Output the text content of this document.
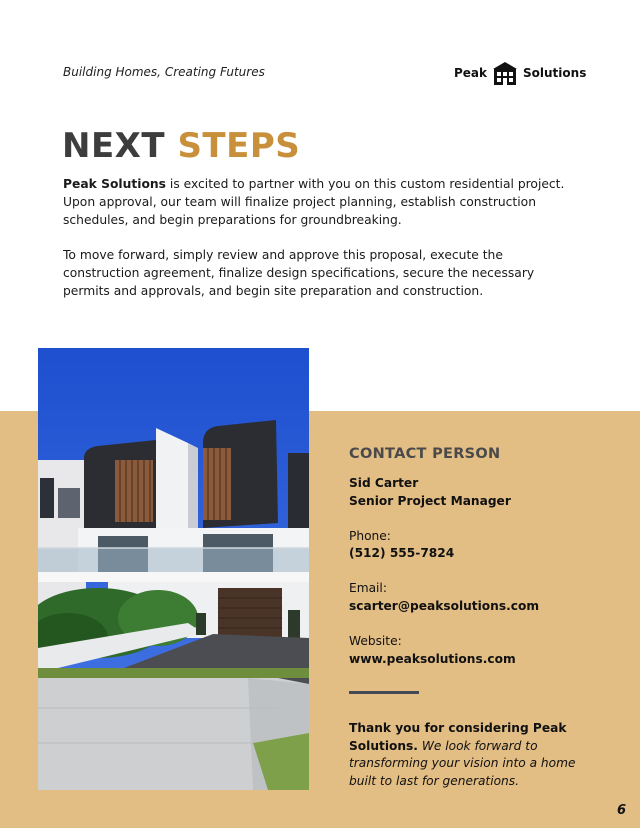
Building Homes, Creating Futures	Peak	Solutions
NEXT STEPS

Peak Solutions is excited to partner with you on this custom residential project. Upon approval, our team will finalize project planning, establish construction schedules, and begin preparations for groundbreaking.

To move forward, simply review and approve this proposal, execute the construction agreement, finalize design specifications, secure the necessary permits and approvals, and begin site preparation and construction.

CONTACT PERSON
Sid Carter
Senior Project Manager
Phone:
(512) 555-7824
Email:
scarter@peaksolutions.com
Website:
www.peaksolutions.com
Thank you for considering Peak Solutions. We look forward to transforming your vision into a home built to last for generations.
6
